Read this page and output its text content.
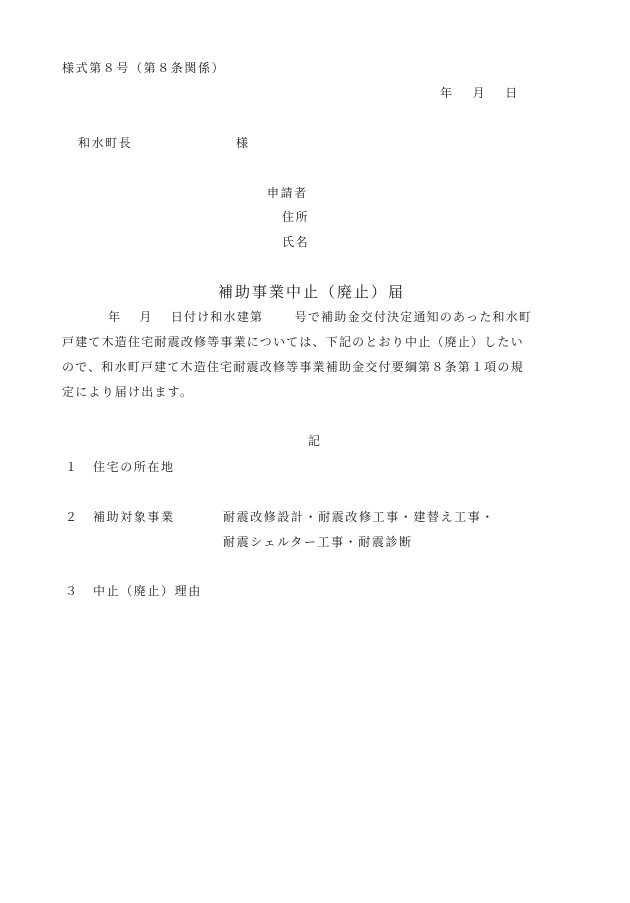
様式第８号（第８条関係）
年　 月　 日
和水町長	様
申請者
住所
氏名
補助事業中止（廃止）届
年　 月　 日付け和水建第　　 号で補助金交付決定通知のあった和水町
戸建て木造住宅耐震改修等事業については、下記のとおり中止（廃止）したい
ので、和水町戸建て木造住宅耐震改修等事業補助金交付要綱第８条第１項の規
定により届け出ます。
記
１ 住宅の所在地
２ 補助対象事業	耐震改修設計・耐震改修工事・建替え工事・
耐震シェルター工事・耐震診断
３ 中止（廃止）理由
